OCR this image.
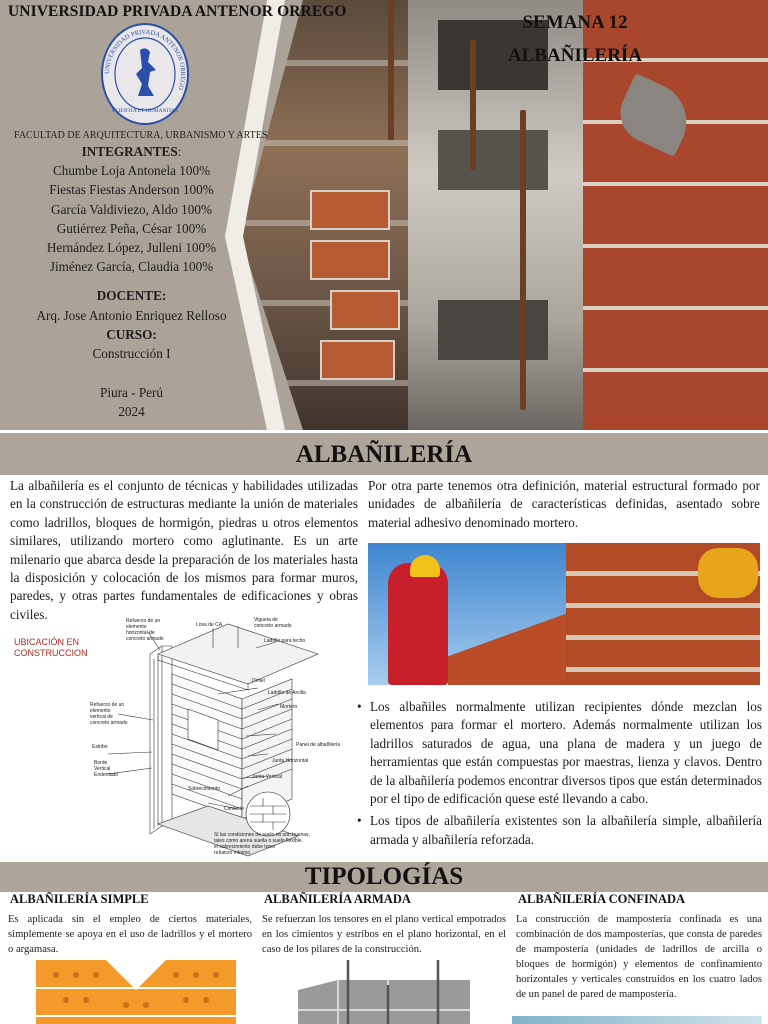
UNIVERSIDAD PRIVADA ANTENOR ORREGO
SEMANA 12
ALBAÑILERÍA
UNIVERSIDAD PRIVADA ANTENOR ORREGO
SCIENTIA ET HUMANITAS
FACULTAD DE ARQUITECTURA, URBANISMO Y ARTES
INTEGRANTES:
Chumbe Loja Antonela 100%
Fiestas Fiestas Anderson 100%
García Valdiviezo, Aldo 100%
Gutiérrez Peña, César 100%
Hernández López, Julleni 100%
Jiménez García, Claudia 100%
DOCENTE:
Arq. Jose Antonio Enriquez Relloso
CURSO:
Construcción I
Piura - Perú
2024
ALBAÑILERÍA

La albañilería es el conjunto de técnicas y habilidades utilizadas en la construcción de estructuras mediante la unión de materiales como ladrillos, bloques de hormigón, piedras u otros elementos similares, utilizando mortero como aglutinante. Es un arte milenario que abarca desde la preparación de los materiales hasta la disposición y colocación de los mismos para formar muros, paredes, y otras partes fundamentales de edificaciones y obras civiles.

Por otra parte tenemos otra definición, material estructural formado por unidades de albañilería de características definidas, asentado sobre material adhesivo denominado mortero.

UBICACIÓN EN
CONSTRUCCION
Refuerzo de un
elemento
horizontal de
concreto armado
Losa de CA
Vigueta de
concreto armado
Ladrillo para techo
Dintel
Ladrillo de Arcilla
Mortero
Refuerzo de un
elemento
vertical de
concreto armado
Estribo
Borde
Vertical
Endentado
Panel de albañilería
Junta Horizontal
Junta Vertical
Sobrecimiento
Cimiento
Si las condiciones de suelo no son buenas,
tales como arena suelta o suelo flexible,
el sobrecimiento debe tener
refuerzo mínimo.
• Los albañiles normalmente utilizan recipientes dónde mezclan los elementos para formar el mortero. Además normalmente utilizan los ladrillos saturados de agua, una plana de madera y un juego de herramientas que están compuestas por maestras, lienza y clavos. Dentro de la albañilería podemos encontrar diversos tipos que están determinados por el tipo de edificación quese esté llevando a cabo.
• Los tipos de albañilería existentes son la albañilería simple, albañilería armada y albañilería reforzada.
TIPOLOGÍAS
ALBAÑILERÍA SIMPLE	ALBAÑILERÍA ARMADA	ALBAÑILERÍA CONFINADA

Es aplicada sin el empleo de ciertos materiales, simplemente se apoya en el uso de ladrillos y el mortero o argamasa.

Se refuerzan los tensores en el plano vertical empotrados en los cimientos y estribos en el plano horizontal, en el caso de los pilares de la construcción.

La construcción de mampostería confinada es una combinación de dos mamposterías, que consta de paredes de mampostería (unidades de ladrillos de arcilla o bloques de hormigón) y elementos de confinamiento horizontales y verticales construidos en los cuatro lados de un panel de pared de mampostería.
